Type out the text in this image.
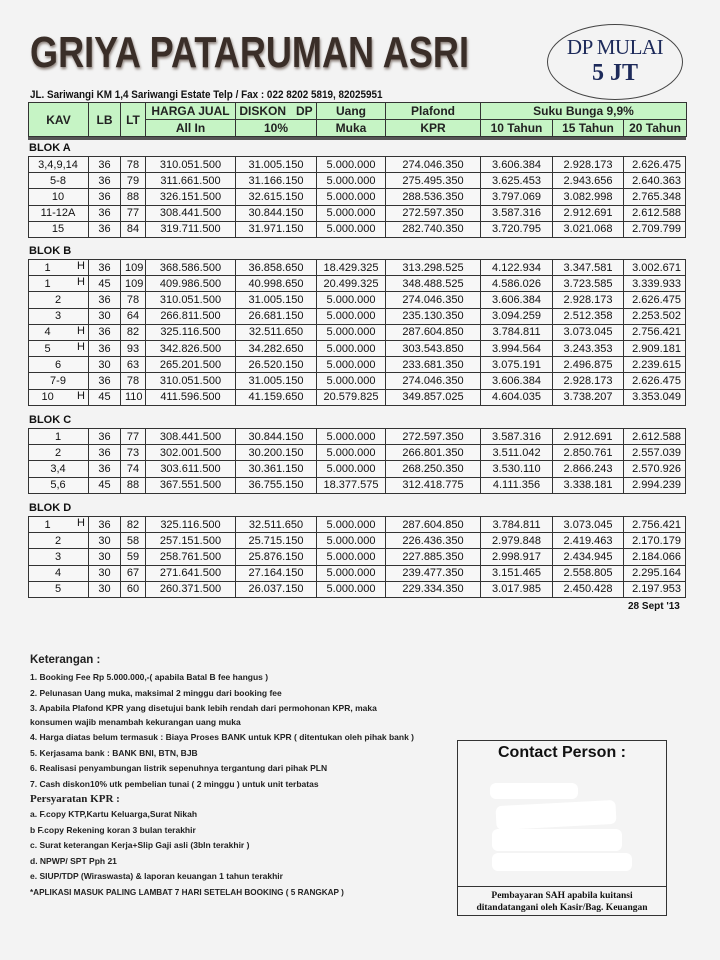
GRIYA PATARUMAN ASRI	DP MULAI
5 JT
JL. Sariwangi KM 1,4 Sariwangi Estate Telp / Fax : 022 8202 5819, 82025951
KAV	LB	LT	HARGA JUAL	DISKON   DP	Uang	Plafond	Suku Bunga 9,9%		
			All In	10%	Muka	KPR	10 Tahun	15 Tahun	20 Tahun
BLOK A
3,4,9,14	36	78	310.051.500	31.005.150	5.000.000	274.046.350	3.606.384	2.928.173	2.626.475
5-8	36	79	311.661.500	31.166.150	5.000.000	275.495.350	3.625.453	2.943.656	2.640.363
10	36	88	326.151.500	32.615.150	5.000.000	288.536.350	3.797.069	3.082.998	2.765.348
11-12A	36	77	308.441.500	30.844.150	5.000.000	272.597.350	3.587.316	2.912.691	2.612.588
15	36	84	319.711.500	31.971.150	5.000.000	282.740.350	3.720.795	3.021.068	2.709.799
BLOK B
1 H	36	109	368.586.500	36.858.650	18.429.325	313.298.525	4.122.934	3.347.581	3.002.671
1 H	45	109	409.986.500	40.998.650	20.499.325	348.488.525	4.586.026	3.723.585	3.339.933
2	36	78	310.051.500	31.005.150	5.000.000	274.046.350	3.606.384	2.928.173	2.626.475
3	30	64	266.811.500	26.681.150	5.000.000	235.130.350	3.094.259	2.512.358	2.253.502
4 H	36	82	325.116.500	32.511.650	5.000.000	287.604.850	3.784.811	3.073.045	2.756.421
5 H	36	93	342.826.500	34.282.650	5.000.000	303.543.850	3.994.564	3.243.353	2.909.181
6	30	63	265.201.500	26.520.150	5.000.000	233.681.350	3.075.191	2.496.875	2.239.615
7-9	36	78	310.051.500	31.005.150	5.000.000	274.046.350	3.606.384	2.928.173	2.626.475
10 H	45	110	411.596.500	41.159.650	20.579.825	349.857.025	4.604.035	3.738.207	3.353.049
BLOK C
1	36	77	308.441.500	30.844.150	5.000.000	272.597.350	3.587.316	2.912.691	2.612.588
2	36	73	302.001.500	30.200.150	5.000.000	266.801.350	3.511.042	2.850.761	2.557.039
3,4	36	74	303.611.500	30.361.150	5.000.000	268.250.350	3.530.110	2.866.243	2.570.926
5,6	45	88	367.551.500	36.755.150	18.377.575	312.418.775	4.111.356	3.338.181	2.994.239
BLOK D
1 H	36	82	325.116.500	32.511.650	5.000.000	287.604.850	3.784.811	3.073.045	2.756.421
2	30	58	257.151.500	25.715.150	5.000.000	226.436.350	2.979.848	2.419.463	2.170.179
3	30	59	258.761.500	25.876.150	5.000.000	227.885.350	2.998.917	2.434.945	2.184.066
4	30	67	271.641.500	27.164.150	5.000.000	239.477.350	3.151.465	2.558.805	2.295.164
5	30	60	260.371.500	26.037.150	5.000.000	229.334.350	3.017.985	2.450.428	2.197.953
28 Sept '13
Keterangan :
1. Booking Fee Rp 5.000.000,-( apabila Batal B fee hangus )
2. Pelunasan Uang muka, maksimal 2 minggu dari booking fee
3. Apabila Plafond KPR yang disetujui bank lebih rendah dari permohonan KPR, maka
konsumen wajib menambah kekurangan uang muka
4. Harga diatas belum termasuk : Biaya Proses BANK untuk KPR ( ditentukan oleh pihak bank )
5. Kerjasama bank : BANK BNI, BTN, BJB
6. Realisasi penyambungan listrik sepenuhnya tergantung dari pihak PLN
7. Cash diskon10% utk pembelian tunai ( 2 minggu ) untuk unit terbatas
Persyaratan KPR :
a. F.copy KTP,Kartu Keluarga,Surat Nikah
b F.copy Rekening koran 3 bulan terakhir
c. Surat keterangan Kerja+Slip Gaji asli (3bln terakhir )
d. NPWP/ SPT Pph 21
e. SIUP/TDP (Wiraswasta) & laporan keuangan 1 tahun terakhir
*APLIKASI MASUK PALING LAMBAT 7 HARI SETELAH BOOKING ( 5 RANGKAP )
Contact Person :
Pembayaran SAH apabila kuitansi
ditandatangani oleh Kasir/Bag. Keuangan
